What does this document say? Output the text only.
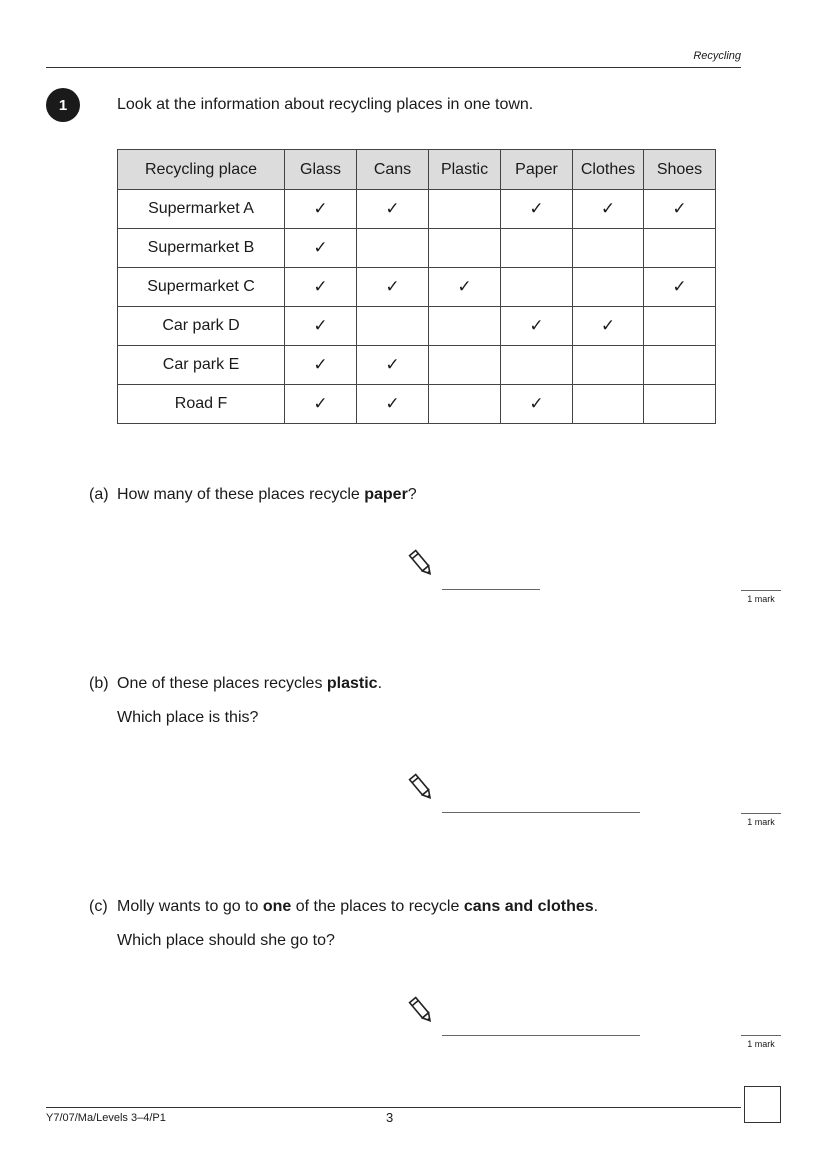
Recycling
1	Look at the information about recycling places in one town.
Recycling place	Glass	Cans	Plastic	Paper	Clothes	Shoes
Supermarket A	✓	✓		✓	✓	✓
Supermarket B	✓					
Supermarket C	✓	✓	✓			✓
Car park D	✓			✓	✓	
Car park E	✓	✓				
Road F	✓	✓		✓		
(a) How many of these places recycle paper?
1 mark
(b) One of these places recycles plastic.
Which place is this?
1 mark
(c) Molly wants to go to one of the places to recycle cans and clothes.
Which place should she go to?
1 mark
Y7/07/Ma/Levels 3–4/P1	3
